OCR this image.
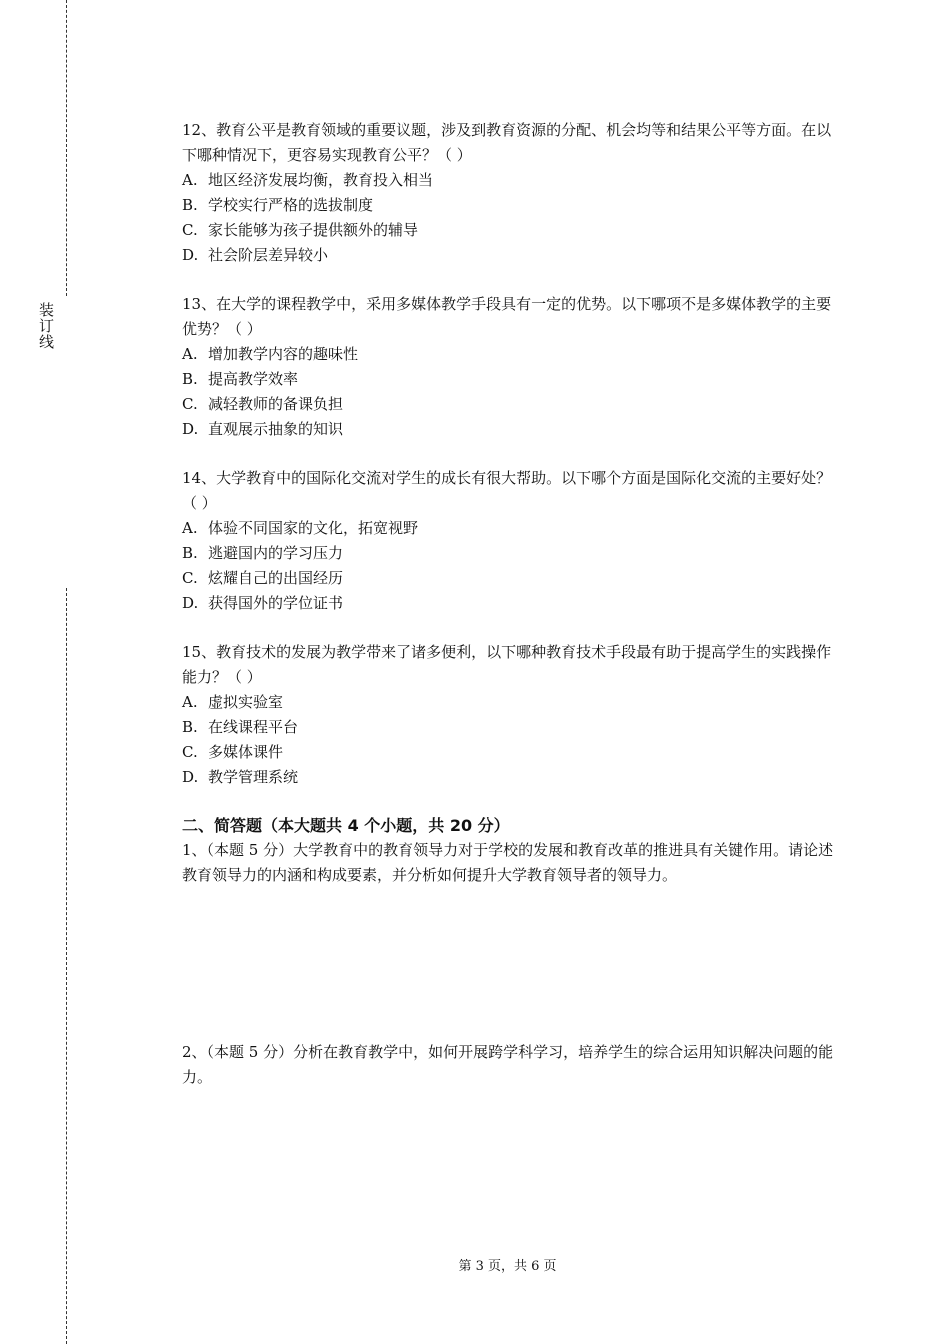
装订线

12、教育公平是教育领域的重要议题，涉及到教育资源的分配、机会均等和结果公平等方面。在以下哪种情况下，更容易实现教育公平？（ ）

A. 地区经济发展均衡，教育投入相当

B. 学校实行严格的选拔制度

C. 家长能够为孩子提供额外的辅导

D. 社会阶层差异较小

13、在大学的课程教学中，采用多媒体教学手段具有一定的优势。以下哪项不是多媒体教学的主要优势？（ ）

A. 增加教学内容的趣味性

B. 提高教学效率

C. 减轻教师的备课负担

D. 直观展示抽象的知识

14、大学教育中的国际化交流对学生的成长有很大帮助。以下哪个方面是国际化交流的主要好处？（ ）

A. 体验不同国家的文化，拓宽视野

B. 逃避国内的学习压力

C. 炫耀自己的出国经历

D. 获得国外的学位证书

15、教育技术的发展为教学带来了诸多便利，以下哪种教育技术手段最有助于提高学生的实践操作能力？（ ）

A. 虚拟实验室

B. 在线课程平台

C. 多媒体课件

D. 教学管理系统

二、简答题（本大题共 4 个小题，共 20 分）

1、（本题 5 分）大学教育中的教育领导力对于学校的发展和教育改革的推进具有关键作用。请论述教育领导力的内涵和构成要素，并分析如何提升大学教育领导者的领导力。

2、（本题 5 分）分析在教育教学中，如何开展跨学科学习，培养学生的综合运用知识解决问题的能力。

第 3 页，共 6 页
